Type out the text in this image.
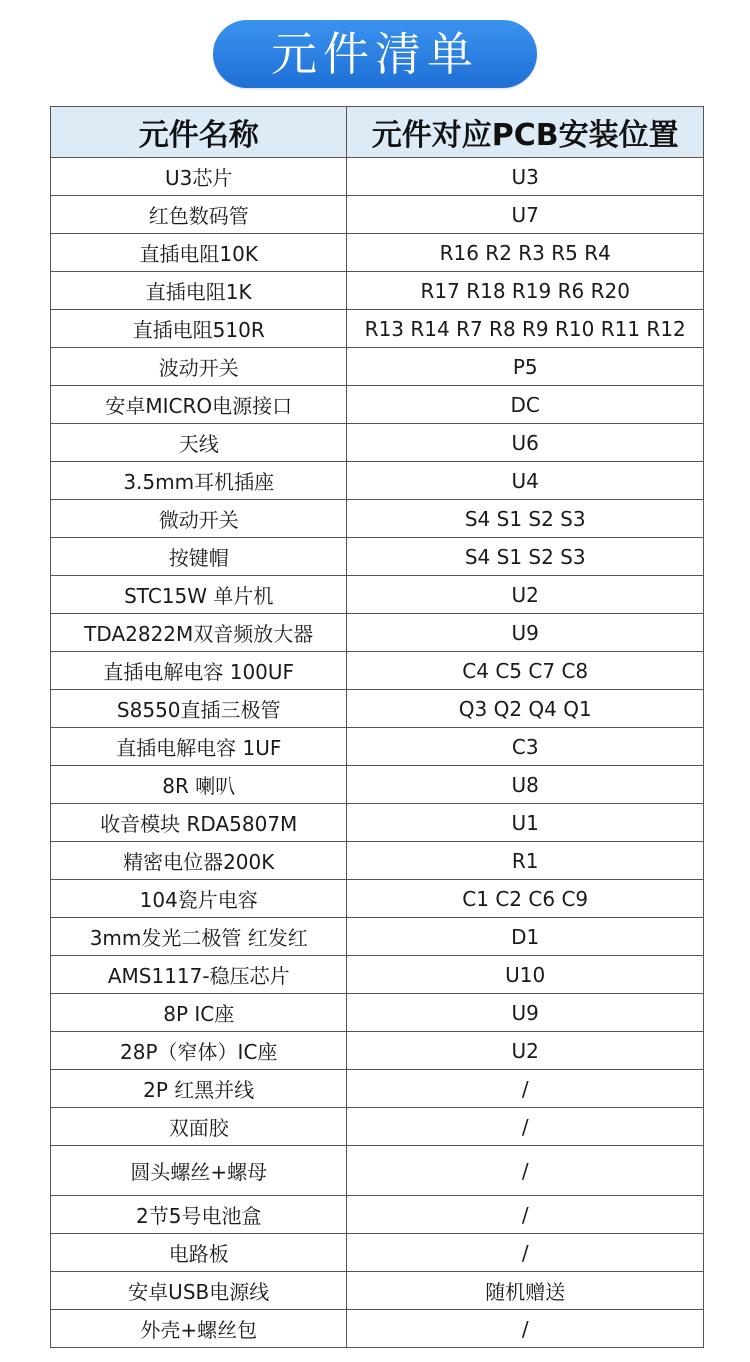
元件清单
元件名称	元件对应PCB安装位置
U3芯片	U3
红色数码管	U7
直插电阻10K	R16 R2 R3 R5 R4
直插电阻1K	R17 R18 R19 R6 R20
直插电阻510R	R13 R14 R7 R8 R9 R10 R11 R12
波动开关	P5
安卓MICRO电源接口	DC
天线	U6
3.5mm耳机插座	U4
微动开关	S4 S1 S2 S3
按键帽	S4 S1 S2 S3
STC15W 单片机	U2
TDA2822M双音频放大器	U9
直插电解电容 100UF	C4 C5 C7 C8
S8550直插三极管	Q3 Q2 Q4 Q1
直插电解电容 1UF	C3
8R 喇叭	U8
收音模块 RDA5807M	U1
精密电位器200K	R1
104瓷片电容	C1 C2 C6 C9
3mm发光二极管 红发红	D1
AMS1117-稳压芯片	U10
8P IC座	U9
28P（窄体）IC座	U2
2P 红黑并线	/
双面胶	/
圆头螺丝+螺母	/
2节5号电池盒	/
电路板	/
安卓USB电源线	随机赠送
外壳+螺丝包	/
